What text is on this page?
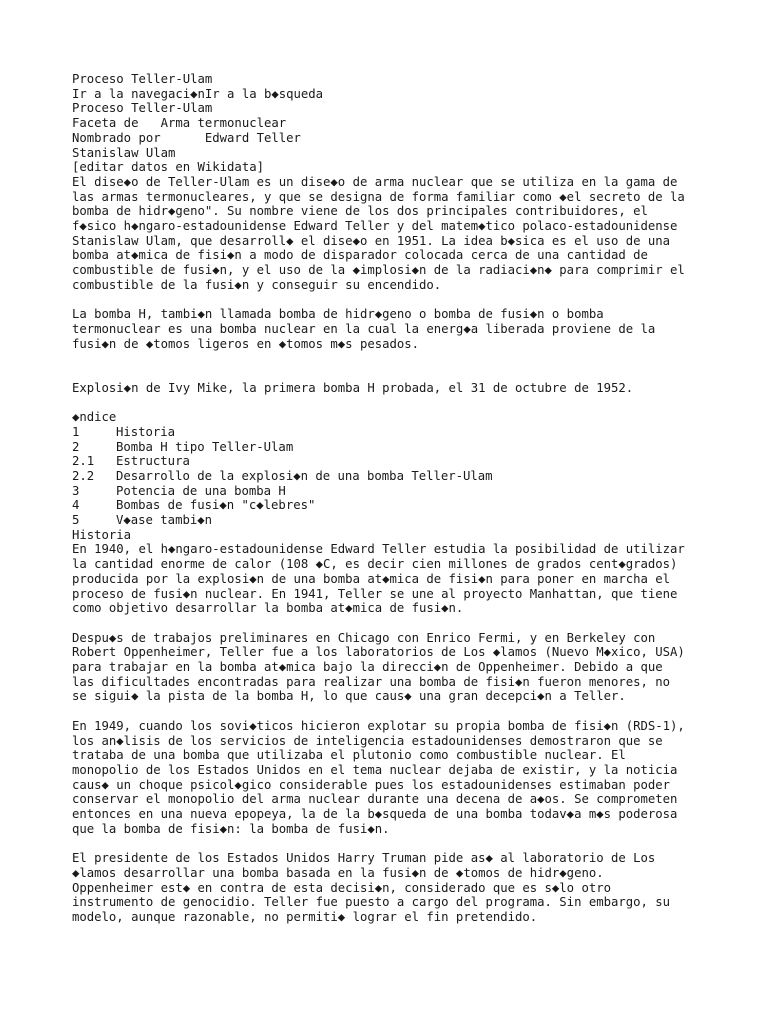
Proceso Teller-Ulam
Ir a la navegaci◆nIr a la b◆squeda
Proceso Teller-Ulam
Faceta de   Arma termonuclear
Nombrado por      Edward Teller
Stanislaw Ulam
[editar datos en Wikidata]
El dise◆o de Teller-Ulam es un dise◆o de arma nuclear que se utiliza en la gama de
las armas termonucleares, y que se designa de forma familiar como ◆el secreto de la
bomba de hidr◆geno". Su nombre viene de los dos principales contribuidores, el
f◆sico h◆ngaro-estadounidense Edward Teller y del matem◆tico polaco-estadounidense
Stanislaw Ulam, que desarroll◆ el dise◆o en 1951. La idea b◆sica es el uso de una
bomba at◆mica de fisi◆n a modo de disparador colocada cerca de una cantidad de
combustible de fusi◆n, y el uso de la ◆implosi◆n de la radiaci◆n◆ para comprimir el
combustible de la fusi◆n y conseguir su encendido.
La bomba H, tambi◆n llamada bomba de hidr◆geno o bomba de fusi◆n o bomba
termonuclear es una bomba nuclear en la cual la energ◆a liberada proviene de la
fusi◆n de ◆tomos ligeros en ◆tomos m◆s pesados.
Explosi◆n de Ivy Mike, la primera bomba H probada, el 31 de octubre de 1952.
◆ndice
1	Historia
2	Bomba H tipo Teller-Ulam
2.1 Estructura
2.2 Desarrollo de la explosi◆n de una bomba Teller-Ulam
3	Potencia de una bomba H
4	Bombas de fusi◆n "c◆lebres"
5	V◆ase tambi◆n
Historia
En 1940, el h◆ngaro-estadounidense Edward Teller estudia la posibilidad de utilizar
la cantidad enorme de calor (108 ◆C, es decir cien millones de grados cent◆grados)
producida por la explosi◆n de una bomba at◆mica de fisi◆n para poner en marcha el
proceso de fusi◆n nuclear. En 1941, Teller se une al proyecto Manhattan, que tiene
como objetivo desarrollar la bomba at◆mica de fusi◆n.
Despu◆s de trabajos preliminares en Chicago con Enrico Fermi, y en Berkeley con
Robert Oppenheimer, Teller fue a los laboratorios de Los ◆lamos (Nuevo M◆xico, USA)
para trabajar en la bomba at◆mica bajo la direcci◆n de Oppenheimer. Debido a que
las dificultades encontradas para realizar una bomba de fisi◆n fueron menores, no
se sigui◆ la pista de la bomba H, lo que caus◆ una gran decepci◆n a Teller.
En 1949, cuando los sovi◆ticos hicieron explotar su propia bomba de fisi◆n (RDS-1),
los an◆lisis de los servicios de inteligencia estadounidenses demostraron que se
trataba de una bomba que utilizaba el plutonio como combustible nuclear. El
monopolio de los Estados Unidos en el tema nuclear dejaba de existir, y la noticia
caus◆ un choque psicol◆gico considerable pues los estadounidenses estimaban poder
conservar el monopolio del arma nuclear durante una decena de a◆os. Se comprometen
entonces en una nueva epopeya, la de la b◆squeda de una bomba todav◆a m◆s poderosa
que la bomba de fisi◆n: la bomba de fusi◆n.
El presidente de los Estados Unidos Harry Truman pide as◆ al laboratorio de Los
◆lamos desarrollar una bomba basada en la fusi◆n de ◆tomos de hidr◆geno.
Oppenheimer est◆ en contra de esta decisi◆n, considerado que es s◆lo otro
instrumento de genocidio. Teller fue puesto a cargo del programa. Sin embargo, su
modelo, aunque razonable, no permiti◆ lograr el fin pretendido.
